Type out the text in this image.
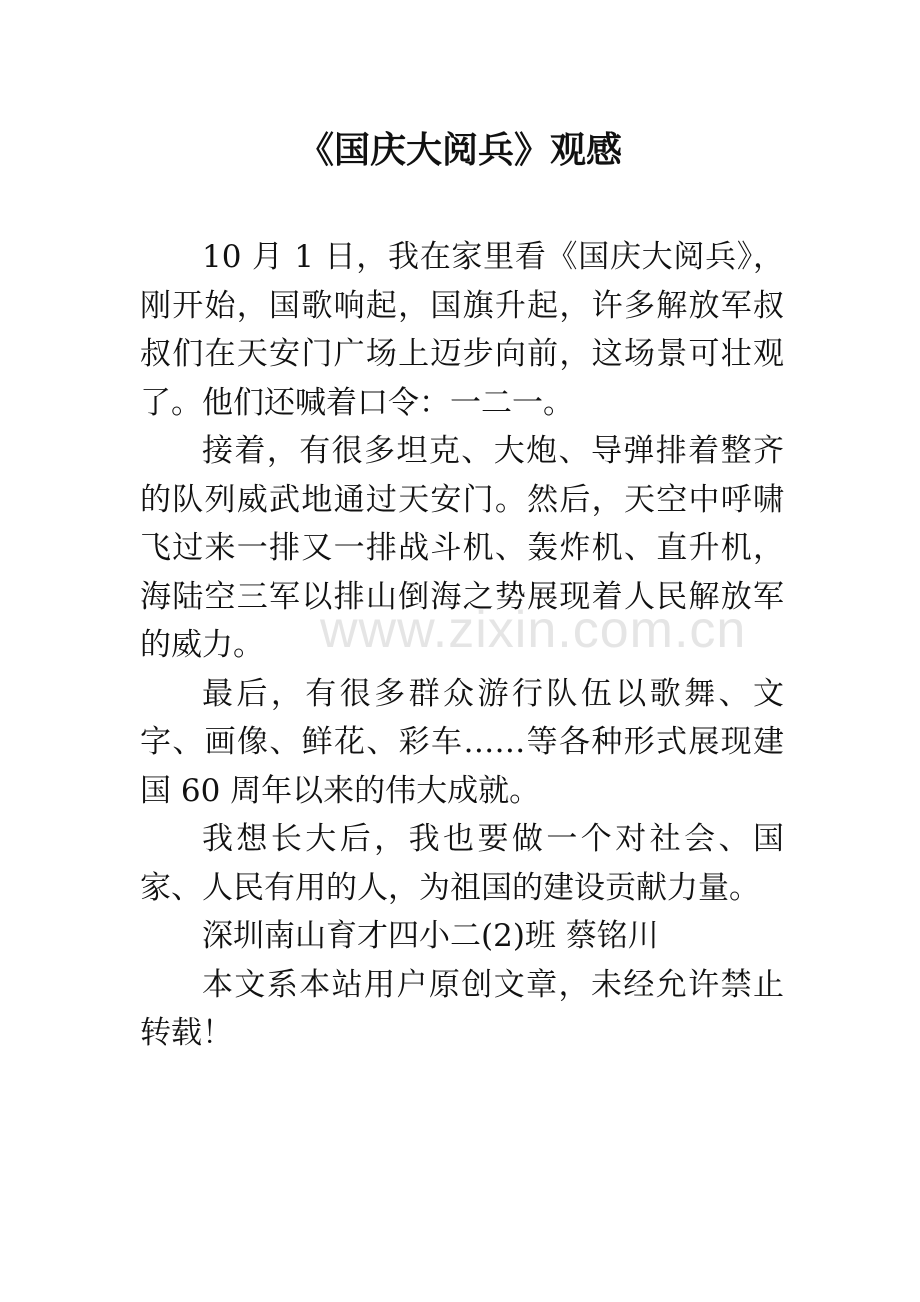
《国庆大阅兵》观感

10 月 1 日，我在家里看《国庆大阅兵》，刚开始，国歌响起，国旗升起，许多解放军叔叔们在天安门广场上迈步向前，这场景可壮观了。他们还喊着口令：一二一。

接着，有很多坦克、大炮、导弹排着整齐的队列威武地通过天安门。然后，天空中呼啸飞过来一排又一排战斗机、轰炸机、直升机，海陆空三军以排山倒海之势展现着人民解放军的威力。

最后，有很多群众游行队伍以歌舞、文字、画像、鲜花、彩车……等各种形式展现建国 60 周年以来的伟大成就。

我想长大后，我也要做一个对社会、国家、人民有用的人，为祖国的建设贡献力量。

深圳南山育才四小二(2)班 蔡铭川

本文系本站用户原创文章，未经允许禁止转载！

www.zixin.com.cn
